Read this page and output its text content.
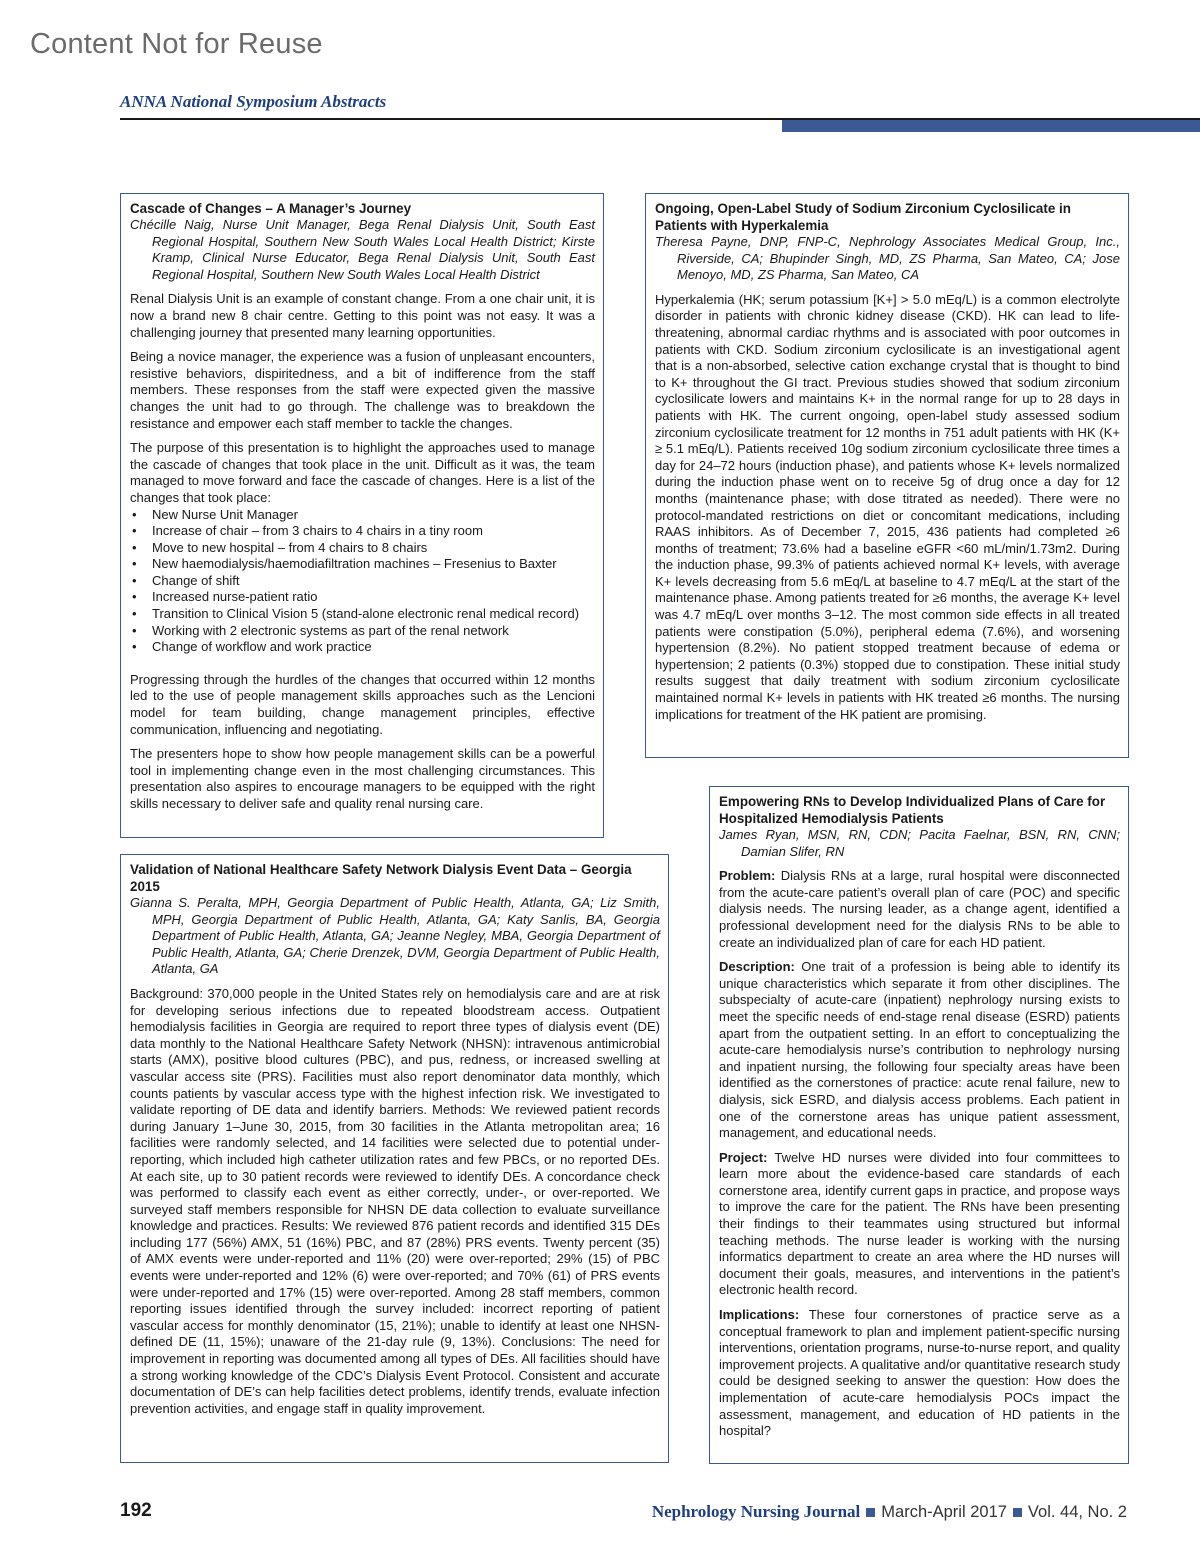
Content Not for Reuse
ANNA National Symposium Abstracts
Cascade of Changes – A Manager’s Journey

Chécille Naig, Nurse Unit Manager, Bega Renal Dialysis Unit, South East Regional Hospital, Southern New South Wales Local Health District; Kirste Kramp, Clinical Nurse Educator, Bega Renal Dialysis Unit, South East Regional Hospital, Southern New South Wales Local Health District

Renal Dialysis Unit is an example of constant change. From a one chair unit, it is now a brand new 8 chair centre. Getting to this point was not easy. It was a challenging journey that presented many learning opportunities.

Being a novice manager, the experience was a fusion of unpleasant encounters, resistive behaviors, dispiritedness, and a bit of indifference from the staff members. These responses from the staff were expected given the massive changes the unit had to go through. The challenge was to breakdown the resistance and empower each staff member to tackle the changes.

The purpose of this presentation is to highlight the approaches used to manage the cascade of changes that took place in the unit. Difficult as it was, the team managed to move forward and face the cascade of changes. Here is a list of the changes that took place:

• New Nurse Unit Manager
• Increase of chair – from 3 chairs to 4 chairs in a tiny room
• Move to new hospital – from 4 chairs to 8 chairs
• New haemodialysis/haemodiafiltration machines – Fresenius to Baxter
• Change of shift
• Increased nurse-patient ratio
• Transition to Clinical Vision 5 (stand-alone electronic renal medical record)
• Working with 2 electronic systems as part of the renal network
• Change of workflow and work practice

Progressing through the hurdles of the changes that occurred within 12 months led to the use of people management skills approaches such as the Lencioni model for team building, change management principles, effective communication, influencing and negotiating.

The presenters hope to show how people management skills can be a powerful tool in implementing change even in the most challenging circumstances. This presentation also aspires to encourage managers to be equipped with the right skills necessary to deliver safe and quality renal nursing care.

Ongoing, Open-Label Study of Sodium Zirconium Cyclosilicate in Patients with Hyperkalemia

Theresa Payne, DNP, FNP-C, Nephrology Associates Medical Group, Inc., Riverside, CA; Bhupinder Singh, MD, ZS Pharma, San Mateo, CA; Jose Menoyo, MD, ZS Pharma, San Mateo, CA

Hyperkalemia (HK; serum potassium [K+] > 5.0 mEq/L) is a common electrolyte disorder in patients with chronic kidney disease (CKD). HK can lead to life-threatening, abnormal cardiac rhythms and is associated with poor outcomes in patients with CKD. Sodium zirconium cyclosilicate is an investigational agent that is a non-absorbed, selective cation exchange crystal that is thought to bind to K+ throughout the GI tract. Previous studies showed that sodium zirconium cyclosilicate lowers and maintains K+ in the normal range for up to 28 days in patients with HK. The current ongoing, open-label study assessed sodium zirconium cyclosilicate treatment for 12 months in 751 adult patients with HK (K+ ≥ 5.1 mEq/L). Patients received 10g sodium zirconium cyclosilicate three times a day for 24–72 hours (induction phase), and patients whose K+ levels normalized during the induction phase went on to receive 5g of drug once a day for 12 months (maintenance phase; with dose titrated as needed). There were no protocol-mandated restrictions on diet or concomitant medications, including RAAS inhibitors. As of December 7, 2015, 436 patients had completed ≥6 months of treatment; 73.6% had a baseline eGFR <60 mL/min/1.73m2. During the induction phase, 99.3% of patients achieved normal K+ levels, with average K+ levels decreasing from 5.6 mEq/L at baseline to 4.7 mEq/L at the start of the maintenance phase. Among patients treated for ≥6 months, the average K+ level was 4.7 mEq/L over months 3–12. The most common side effects in all treated patients were constipation (5.0%), peripheral edema (7.6%), and worsening hypertension (8.2%). No patient stopped treatment because of edema or hypertension; 2 patients (0.3%) stopped due to constipation. These initial study results suggest that daily treatment with sodium zirconium cyclosilicate maintained normal K+ levels in patients with HK treated ≥6 months. The nursing implications for treatment of the HK patient are promising.

Empowering RNs to Develop Individualized Plans of Care for Hospitalized Hemodialysis Patients

James Ryan, MSN, RN, CDN; Pacita Faelnar, BSN, RN, CNN; Damian Slifer, RN

Problem: Dialysis RNs at a large, rural hospital were disconnected from the acute-care patient’s overall plan of care (POC) and specific dialysis needs. The nursing leader, as a change agent, identified a professional development need for the dialysis RNs to be able to create an individualized plan of care for each HD patient.

Description: One trait of a profession is being able to identify its unique characteristics which separate it from other disciplines. The subspecialty of acute-care (inpatient) nephrology nursing exists to meet the specific needs of end-stage renal disease (ESRD) patients apart from the outpatient setting. In an effort to conceptualizing the acute-care hemodialysis nurse’s contribution to nephrology nursing and inpatient nursing, the following four specialty areas have been identified as the cornerstones of practice: acute renal failure, new to dialysis, sick ESRD, and dialysis access problems. Each patient in one of the cornerstone areas has unique patient assessment, management, and educational needs.

Project: Twelve HD nurses were divided into four committees to learn more about the evidence-based care standards of each cornerstone area, identify current gaps in practice, and propose ways to improve the care for the patient. The RNs have been presenting their findings to their teammates using structured but informal teaching methods. The nurse leader is working with the nursing informatics department to create an area where the HD nurses will document their goals, measures, and interventions in the patient’s electronic health record.

Implications: These four cornerstones of practice serve as a conceptual framework to plan and implement patient-specific nursing interventions, orientation programs, nurse-to-nurse report, and quality improvement projects. A qualitative and/or quantitative research study could be designed seeking to answer the question: How does the implementation of acute-care hemodialysis POCs impact the assessment, management, and education of HD patients in the hospital?

Validation of National Healthcare Safety Network Dialysis Event Data – Georgia 2015

Gianna S. Peralta, MPH, Georgia Department of Public Health, Atlanta, GA; Liz Smith, MPH, Georgia Department of Public Health, Atlanta, GA; Katy Sanlis, BA, Georgia Department of Public Health, Atlanta, GA; Jeanne Negley, MBA, Georgia Department of Public Health, Atlanta, GA; Cherie Drenzek, DVM, Georgia Department of Public Health, Atlanta, GA

Background: 370,000 people in the United States rely on hemodialysis care and are at risk for developing serious infections due to repeated bloodstream access. Outpatient hemodialysis facilities in Georgia are required to report three types of dialysis event (DE) data monthly to the National Healthcare Safety Network (NHSN): intravenous antimicrobial starts (AMX), positive blood cultures (PBC), and pus, redness, or increased swelling at vascular access site (PRS). Facilities must also report denominator data monthly, which counts patients by vascular access type with the highest infection risk. We investigated to validate reporting of DE data and identify barriers. Methods: We reviewed patient records during January 1–June 30, 2015, from 30 facilities in the Atlanta metropolitan area; 16 facilities were randomly selected, and 14 facilities were selected due to potential under-reporting, which included high catheter utilization rates and few PBCs, or no reported DEs. At each site, up to 30 patient records were reviewed to identify DEs. A concordance check was performed to classify each event as either correctly, under-, or over-reported. We surveyed staff members responsible for NHSN DE data collection to evaluate surveillance knowledge and practices. Results: We reviewed 876 patient records and identified 315 DEs including 177 (56%) AMX, 51 (16%) PBC, and 87 (28%) PRS events. Twenty percent (35) of AMX events were under-reported and 11% (20) were over-reported; 29% (15) of PBC events were under-reported and 12% (6) were over-reported; and 70% (61) of PRS events were under-reported and 17% (15) were over-reported. Among 28 staff members, common reporting issues identified through the survey included: incorrect reporting of patient vascular access for monthly denominator (15, 21%); unable to identify at least one NHSN-defined DE (11, 15%); unaware of the 21-day rule (9, 13%). Conclusions: The need for improvement in reporting was documented among all types of DEs. All facilities should have a strong working knowledge of the CDC’s Dialysis Event Protocol. Consistent and accurate documentation of DE’s can help facilities detect problems, identify trends, evaluate infection prevention activities, and engage staff in quality improvement.

192	Nephrology Nursing Journal March-April 2017 Vol. 44, No. 2
